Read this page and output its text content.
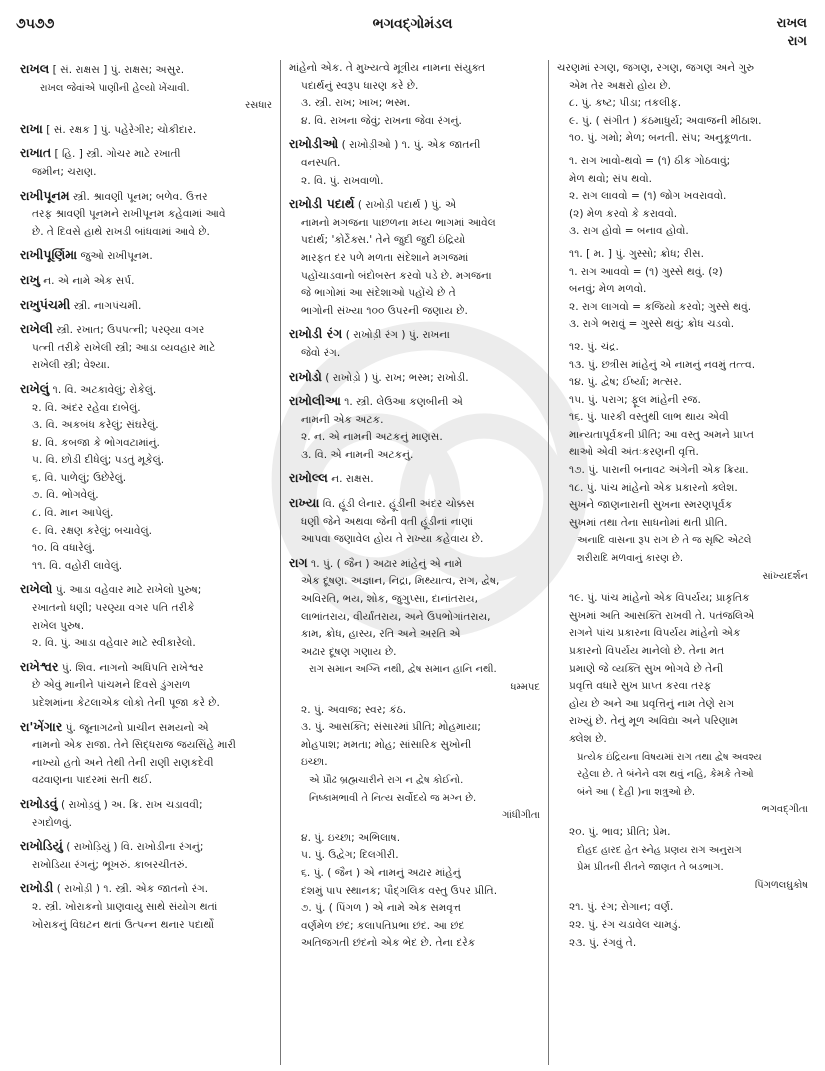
૭૫૭૭	ભગવદ્ગોમંડલ	રાખલ
રાગ
રાખલ [ સં. રાક્ષસ ] પું. રાક્ષસ; અસુર.
રાખલ જેવાંએ પાણીની હેલ્યો ખેંચાવી.
રસધાર
રાખા [ સં. રક્ષક ] પું. પહેરેગીર; ચોકીદાર.
રાખાત [ હિ. ] સ્ત્રી. ગોચર માટે રખાતી
જમીન; ચરાણ.
રાખીપૂનમ સ્ત્રી. શ્રાવણી પૂનમ; બળેવ. ઉત્તર
તરફ શ્રાવણી પૂનમને રાખીપૂનમ કહેવામાં આવે
છે. તે દિવસે હાથે રાખડી બાંધવામાં આવે છે.
રાખીપૂર્ણિમા જુઓ રાખીપૂનમ.
રાખુ ન. એ નામે એક સર્પ.
રાખુપંચમી સ્ત્રી. નાગપંચમી.
રાખેલી સ્ત્રી. રખાત; ઉપપત્ની; પરણ્યા વગર
પત્ની તરીકે રાખેલી સ્ત્રી; આડા વ્યવહાર માટે
રાખેલી સ્ત્રી; વેશ્યા.
રાખેલું ૧. વિ. અટકાવેલું; રોકેલું.
૨. વિ. અંદર રહેવા દાબેલું.
૩. વિ. અકબંધ કરેલું; સંઘરેલું.
૪. વિ. કબજા કે ભોગવટામાંનું.
૫. વિ. છોડી દીધેલું; પડતું મૂકેલું.
૬. વિ. પાળેલું; ઉછેરેલું.
૭. વિ. ભોગવેલું.
૮. વિ. માન આપેલું.
૯. વિ. રક્ષણ કરેલું; બચાવેલું.
૧૦. વિ વધારેલું.
૧૧. વિ. વહોરી લાવેલું.
રાખેલો પું. આડા વહેવાર માટે રાખેલો પુરુષ;
રખાતનો ધણી; પરણ્યા વગર પતિ તરીકે
રાખેલ પુરુષ.
૨. વિ. પું. આડા વહેવાર માટે સ્વીકારેલો.
રાખેશ્વર પું. શિવ. નાગનો અધિપતિ રાખેશ્વર
છે એવું માનીને પાંચમને દિવસે ડુંગરાળ
પ્રદેશમાંના કેટલાએક લોકો તેની પૂજા કરે છે.
રા'ખેંગાર પું. જૂનાગઢનો પ્રાચીન સમયનો એ
નામનો એક રાજા. તેને સિદ્ધરાજ જયસિંહે મારી
નાખ્યો હતો અને તેથી તેની રાણી રાણકદેવી
વઢવાણના પાદરમાં સતી થઈ.
રાખોડવું ( રાખોડ઼વું ) અ. ક્રિ. રાખ ચડાવવી;
રગદોળવું.
રાખોડિયું ( રાખોડ઼િયું ) વિ. રાખોડીના રંગનું;
રાખોડિયા રંગનું; ભૂખરું. કાબરચીતરું.
રાખોડી ( રાખોડ઼ી ) ૧. સ્ત્રી. એક જાતનો રંગ.
૨. સ્ત્રી. ખોરાકનો પ્રાણવાયુ સાથે સંયોગ થતાં
ખોરાકનું વિઘટન થતાં ઉત્પન્ન થનાર પદાર્થો
માંહેનો એક. તે મુખ્યત્વે મૂત્રીય નામના સંયુક્ત
પદાર્થનું સ્વરૂપ ધારણ કરે છે.
૩. સ્ત્રી. રાખ; ખાખ; ભસ્મ.
૪. વિ. રાખના જેવું; રાખના જેવા રંગનું.
રાખોડીઓ ( રાખોડ઼ીઓ ) ૧. પું. એક જાતની
વનસ્પતિ.
૨. વિ. પું. રાખવાળો.
રાખોડી પદાર્થ ( રાખોડ઼ી પદાર્થ ) પું. એ
નામનો મગજના પાછળના મધ્ય ભાગમાં આવેલ
પદાર્થ; 'કોર્ટેક્સ.' તેને જુદી જુદી ઇંદ્રિયો
મારફત દર પળે મળતા સંદેશાને મગજમાં
પહોંચાડવાનો બંદોબસ્ત કરવો પડે છે. મગજના
જે ભાગોમાં આ સંદેશાઓ પહોંચે છે તે
ભાગોની સંખ્યા ૧૦૦ ઉપરની જણાય છે.
રાખોડી રંગ ( રાખોડ઼ી રંગ ) પું. રાખના
જેવો રંગ.
રાખોડો ( રાખોડ઼ો ) પું. રાખ; ભસ્મ; રાખોડી.
રાખોલીઆ ૧. સ્ત્રી. લેઉઆ કણબીની એ
નામની એક અટક.
૨. ન. એ નામની અટકનું માણસ.
૩. વિ. એ નામની અટકનું.
રાખોલ્લ ન. રાક્ષસ.
રાખ્યા વિ. હૂંડી લેનાર. હૂંડીની અંદર ચોક્કસ
ધણી જેને અથવા જેની વતી હૂંડીનાં નાણાં
આપવા જણાવેલ હોય તે રાખ્યા કહેવાય છે.
રાગ ૧. પું. ( જૈન ) અઢાર માંહેનું એ નામે
એક દૂષણ. અજ્ઞાન, નિદ્રા, મિથ્યાત્વ, રાગ, દ્વેષ,
અવિરતિ, ભય, શોક, જુગુપ્સા, દાનાંતરાય,
લાભાંતરાય, વીર્યાંતરાય, અને ઉપભોગાંતરાય,
કામ, ક્રોધ, હાસ્ય, રતિ અને અરતિ એ
અઢાર દૂષણ ગણાય છે.
રાગ સમાન અગ્નિ નથી, દ્વેષ સમાન હાનિ નથી.
ધમ્મપદ
૨. પું. અવાજ; સ્વર; કંઠ.
૩. પું. આસક્તિ; સંસારમાં પ્રીતિ; મોહમાયા;
મોહપાશ; મમતા; મોહ; સાંસારિક સુખોની
ઇચ્છા.
એ પ્રૌઢ બ્રહ્મચારીને રાગ ન દ્વેષ કોઈનો.
નિષ્કામભાવી તે નિત્ય સર્વોદયે જ મગ્ન છે.
ગાંધીગીતા
૪. પું. ઇચ્છા; અભિલાષ.
૫. પું. ઉદ્વેગ; દિલગીરી.
૬. પું. ( જૈન ) એ નામનું અઢાર માંહેનું
દશમું પાપ સ્થાનક; પૌદ્ગલિક વસ્તુ ઉપર પ્રીતિ.
૭. પું. ( પિંગળ ) એ નામે એક સમવૃત્ત
વર્ણમેળ છંદ; કલાપતિપ્રભા છંદ. આ છંદ
અતિજગતી છંદનો એક ભેદ છે. તેના દરેક
ચરણમાં રગણ, જગણ, રગણ, જગણ અને ગુરુ
એમ તેર અક્ષરો હોય છે.
૮. પું. કષ્ટ; પીડા; તકલીફ.
૯. પું. ( સંગીત ) કંઠમાધુર્ય; અવાજની મીઠાશ.
૧૦. પું. ગમો; મેળ; બનતી. સંપ; અનુકૂળતા.
૧. રાગ ખાવો-થવો = (૧) ઠીક ગોઠવાવું;
મેળ થવો; સંપ થવો.
૨. રાગ લાવવો = (૧) જોગ ખવરાવવો.
(૨) મેળ કરવો કે કરાવવો.
૩. રાગ હોવો = બનાવ હોવો.
૧૧. [ મ. ] પું. ગુસ્સો; ક્રોધ; રીસ.
૧. રાગ આવવો = (૧) ગુસ્સે થવું. (૨)
બનવું; મેળ મળવો.
૨. રાગ લાગવો = કજિયો કરવો; ગુસ્સે થવું.
૩. રાગે ભરાવું = ગુસ્સે થવું; ક્રોધ ચડવો.
૧૨. પું. ચંદ્ર.
૧૩. પું. છત્રીસ માંહેનું એ નામનું નવમું તત્ત્વ.
૧૪. પું. દ્વેષ; ઈર્ષ્યા; મત્સર.
૧૫. પું. પરાગ; ફૂલ માંહેની રજ.
૧૬. પું. પારકી વસ્તુથી લાભ થાય એવી
માન્યતાપૂર્વકની પ્રીતિ; આ વસ્તુ અમને પ્રાપ્ત
થાઓ એવી અંતઃકરણની વૃત્તિ.
૧૭. પું. પારાની બનાવટ અંગેની એક ક્રિયા.
૧૮. પું. પાંચ માંહેનો એક પ્રકારનો ક્લેશ.
સુખને જાણનારાની સુખના સ્મરણપૂર્વક
સુખમાં તથા તેના સાધનોમાં થતી પ્રીતિ.
અનાદિ વાસના રૂપ રાગ છે તે જ સૃષ્ટિ એટલે
શરીરાદિ મળવાનું કારણ છે.
સાંખ્યદર્શન
૧૯. પું. પાંચ માંહેનો એક વિપર્યય; પ્રાકૃતિક
સુખમાં અતિ આસક્તિ રાખવી તે. પતંજલિએ
રાગને પાંચ પ્રકારના વિપર્યય માંહેનો એક
પ્રકારનો વિપર્યય માનેલો છે. તેના મત
પ્રમાણે જે વ્યક્તિ સુખ ભોગવે છે તેની
પ્રવૃત્તિ વધારે સુખ પ્રાપ્ત કરવા તરફ
હોય છે અને આ પ્રવૃત્તિનું નામ તેણે રાગ
રાખ્યું છે. તેનું મૂળ અવિદ્યા અને પરિણામ
ક્લેશ છે.
પ્રત્યેક ઇંદ્રિયના વિષયમાં રાગ તથા દ્વેષ અવશ્ય
રહેલા છે. તે બંનેને વશ થવું નહિ, કેમકે તેઓ
બંને આ ( દેહી )ના શત્રુઓ છે.
ભગવદ્ગીતા
૨૦. પું. ભાવ; પ્રીતિ; પ્રેમ.
દોહદ હારદ હેત સ્નેહ પ્રણય રાગ અનુરાગ
પ્રેમ પ્રીતની રીતને જાણત તે બડભાગ.
પિંગળલઘુકોષ
૨૧. પું. રંગ; રોગાન; વર્ણ.
૨૨. પું. રંગ ચડાવેલ ચામડું.
૨૩. પું. રંગવું તે.
